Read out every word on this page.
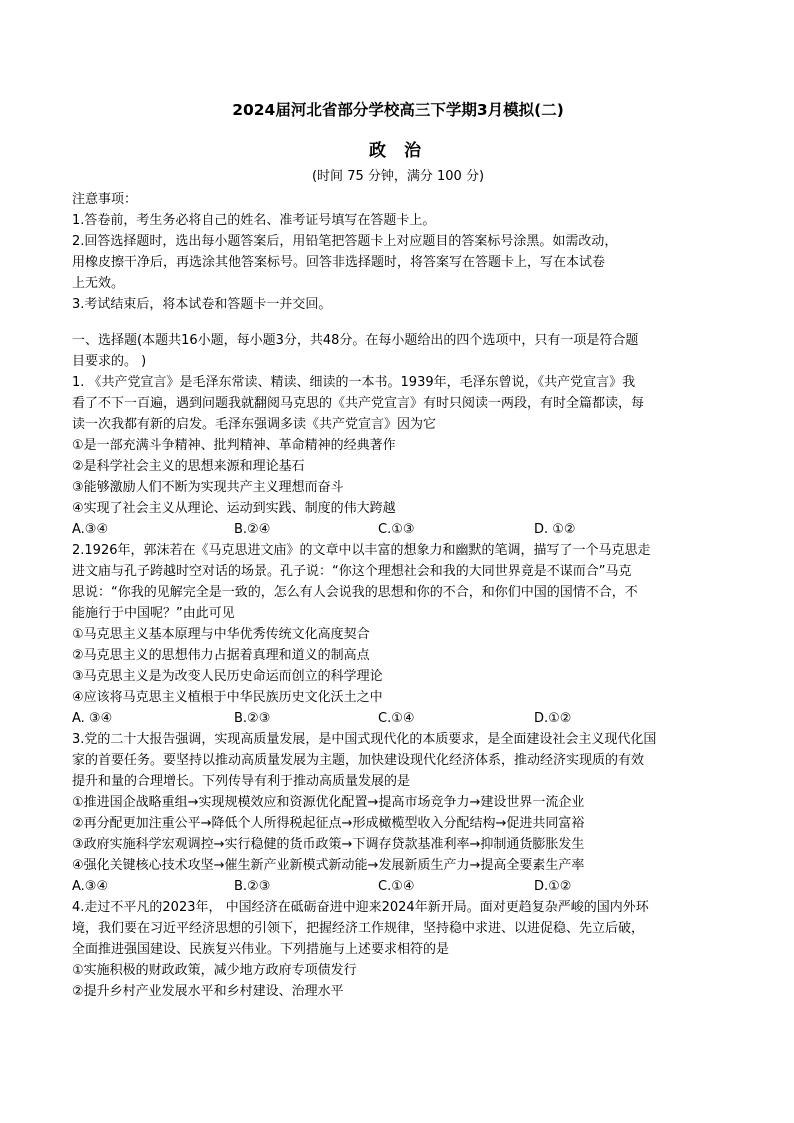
2024届河北省部分学校高三下学期3月模拟(二)
政 治
(时间 75 分钟，满分 100 分)

注意事项：

1.答卷前，考生务必将自己的姓名、准考证号填写在答题卡上。

2.回答选择题时，选出每小题答案后，用铅笔把答题卡上对应题目的答案标号涂黑。如需改动，

用橡皮擦干净后，再选涂其他答案标号。回答非选择题时，将答案写在答题卡上，写在本试卷

上无效。

3.考试结束后，将本试卷和答题卡一并交回。

一、选择题(本题共16小题，每小题3分，共48分。在每小题给出的四个选项中，只有一项是符合题

目要求的。 )

1. 《共产党宣言》是毛泽东常读、精读、细读的一本书。1939年，毛泽东曾说，《共产党宣言》我

看了不下一百遍，遇到问题我就翻阅马克思的《共产党宣言》有时只阅读一两段，有时全篇都读，每

读一次我都有新的启发。毛泽东强调多读《共产党宣言》因为它

①是一部充满斗争精神、批判精神、革命精神的经典著作

②是科学社会主义的思想来源和理论基石

③能够激励人们不断为实现共产主义理想而奋斗

④实现了社会主义从理论、运动到实践、制度的伟大跨越

A.③④	B.②④	C.①③	D. ①②

2.1926年，郭沫若在《马克思进文庙》的文章中以丰富的想象力和幽默的笔调，描写了一个马克思走

进文庙与孔子跨越时空对话的场景。孔子说：“你这个理想社会和我的大同世界竟是不谋而合”马克

思说：“你我的见解完全是一致的，怎么有人会说我的思想和你的不合，和你们中国的国情不合，不

能施行于中国呢？”由此可见

①马克思主义基本原理与中华优秀传统文化高度契合

②马克思主义的思想伟力占据着真理和道义的制高点

③马克思主义是为改变人民历史命运而创立的科学理论

④应该将马克思主义植根于中华民族历史文化沃土之中

A. ③④	B.②③	C.①④	D.①②

3.党的二十大报告强调，实现高质量发展，是中国式现代化的本质要求，是全面建设社会主义现代化国

家的首要任务。要坚持以推动高质量发展为主题，加快建设现代化经济体系，推动经济实现质的有效

提升和量的合理增长。下列传导有利于推动高质量发展的是

①推进国企战略重组→实现规模效应和资源优化配置→提高市场竞争力→建设世界一流企业

②再分配更加注重公平→降低个人所得税起征点→形成橄榄型收入分配结构→促进共同富裕

③政府实施科学宏观调控→实行稳健的货币政策→下调存贷款基准利率→抑制通货膨胀发生

④强化关键核心技术攻坚→催生新产业新模式新动能→发展新质生产力→提高全要素生产率

A.③④	B.②③	C.①④	D.①②

4.走过不平凡的2023年， 中国经济在砥砺奋进中迎来2024年新开局。面对更趋复杂严峻的国内外环

境，我们要在习近平经济思想的引领下，把握经济工作规律，坚持稳中求进、以进促稳、先立后破，

全面推进强国建设、民族复兴伟业。下列措施与上述要求相符的是

①实施积极的财政政策，减少地方政府专项债发行

②提升乡村产业发展水平和乡村建设、治理水平
